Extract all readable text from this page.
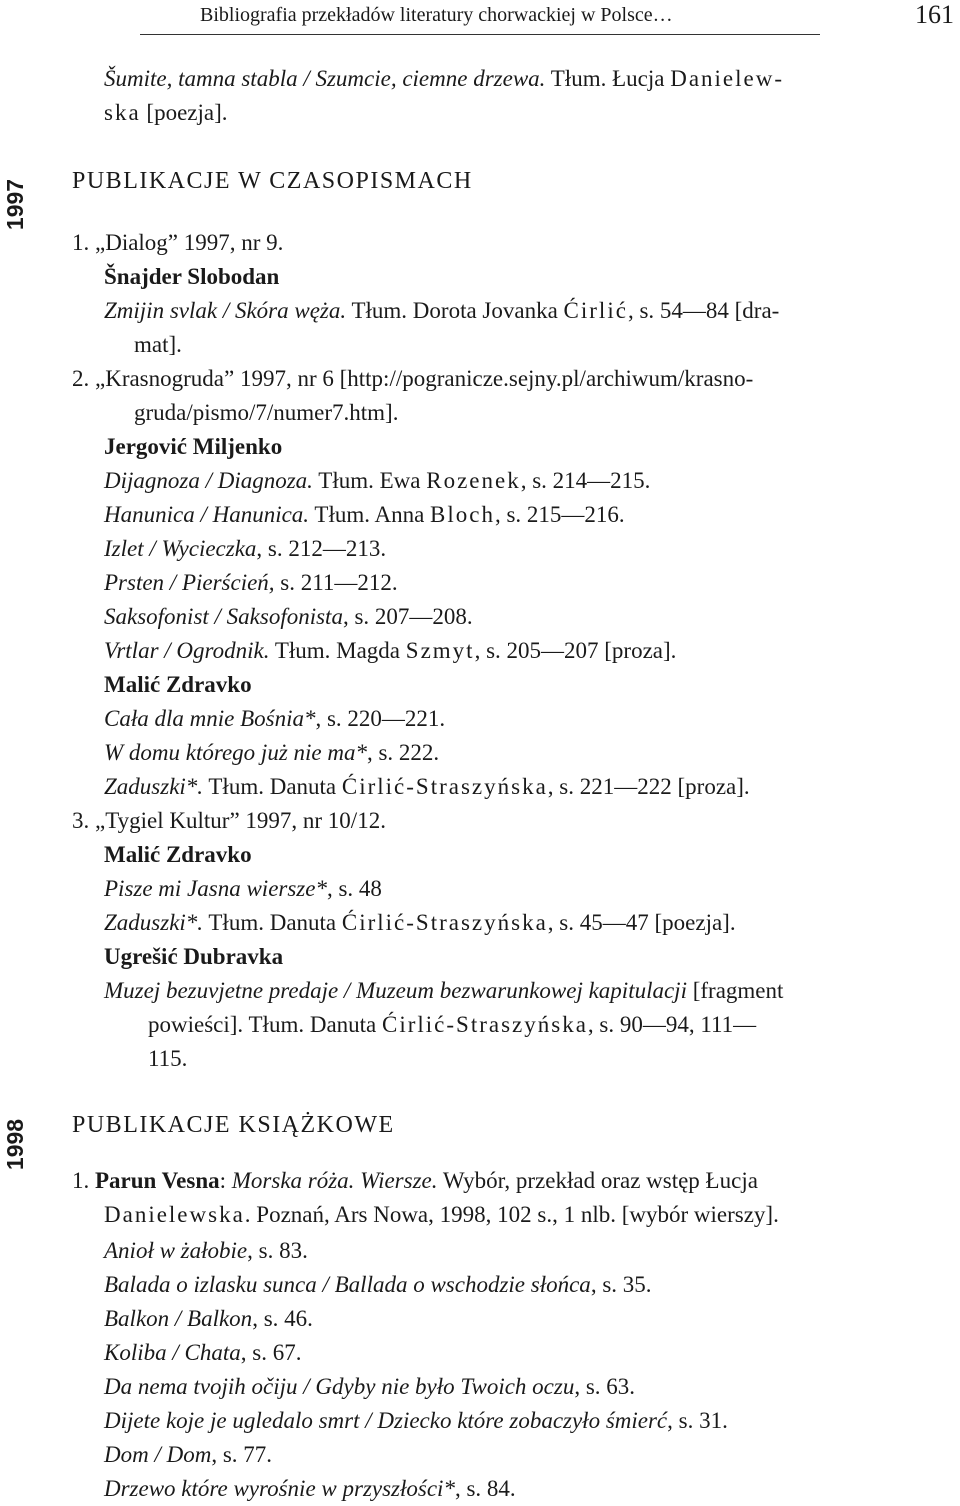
Bibliografia przekładów literatury chorwackiej w Polsce…	161
1997
1998
Šumite, tamna stabla / Szumcie, ciemne drzewa. Tłum. Łucja Danielew-
ska [poezja].
PUBLIKACJE W CZASOPISMACH
1. „Dialog” 1997, nr 9.
Šnajder Slobodan
Zmijin svlak / Skóra węża. Tłum. Dorota Jovanka Ćirlić, s. 54—84 [dra-
mat].
2. „Krasnogruda” 1997, nr 6 [http://pogranicze.sejny.pl/archiwum/krasno-
gruda/pismo/7/numer7.htm].
Jergović Miljenko
Dijagnoza / Diagnoza. Tłum. Ewa Rozenek, s. 214—215.
Hanunica / Hanunica. Tłum. Anna Bloch, s. 215—216.
Izlet / Wycieczka, s. 212—213.
Prsten / Pierścień, s. 211—212.
Saksofonist / Saksofonista, s. 207—208.
Vrtlar / Ogrodnik. Tłum. Magda Szmyt, s. 205—207 [proza].
Malić Zdravko
Cała dla mnie Bośnia*, s. 220—221.
W domu którego już nie ma*, s. 222.
Zaduszki*. Tłum. Danuta Ćirlić-Straszyńska, s. 221—222 [proza].
3. „Tygiel Kultur” 1997, nr 10/12.
Malić Zdravko
Pisze mi Jasna wiersze*, s. 48
Zaduszki*. Tłum. Danuta Ćirlić-Straszyńska, s. 45—47 [poezja].
Ugrešić Dubravka
Muzej bezuvjetne predaje / Muzeum bezwarunkowej kapitulacji [fragment
powieści]. Tłum. Danuta Ćirlić-Straszyńska, s. 90—94, 111—
115.
PUBLIKACJE KSIĄŻKOWE
1. Parun Vesna: Morska róża. Wiersze. Wybór, przekład oraz wstęp Łucja
Danielewska. Poznań, Ars Nowa, 1998, 102 s., 1 nlb. [wybór wierszy].
Anioł w żałobie, s. 83.
Balada o izlasku sunca / Ballada o wschodzie słońca, s. 35.
Balkon / Balkon, s. 46.
Koliba / Chata, s. 67.
Da nema tvojih očiju / Gdyby nie było Twoich oczu, s. 63.
Dijete koje je ugledalo smrt / Dziecko które zobaczyło śmierć, s. 31.
Dom / Dom, s. 77.
Drzewo które wyrośnie w przyszłości*, s. 84.
